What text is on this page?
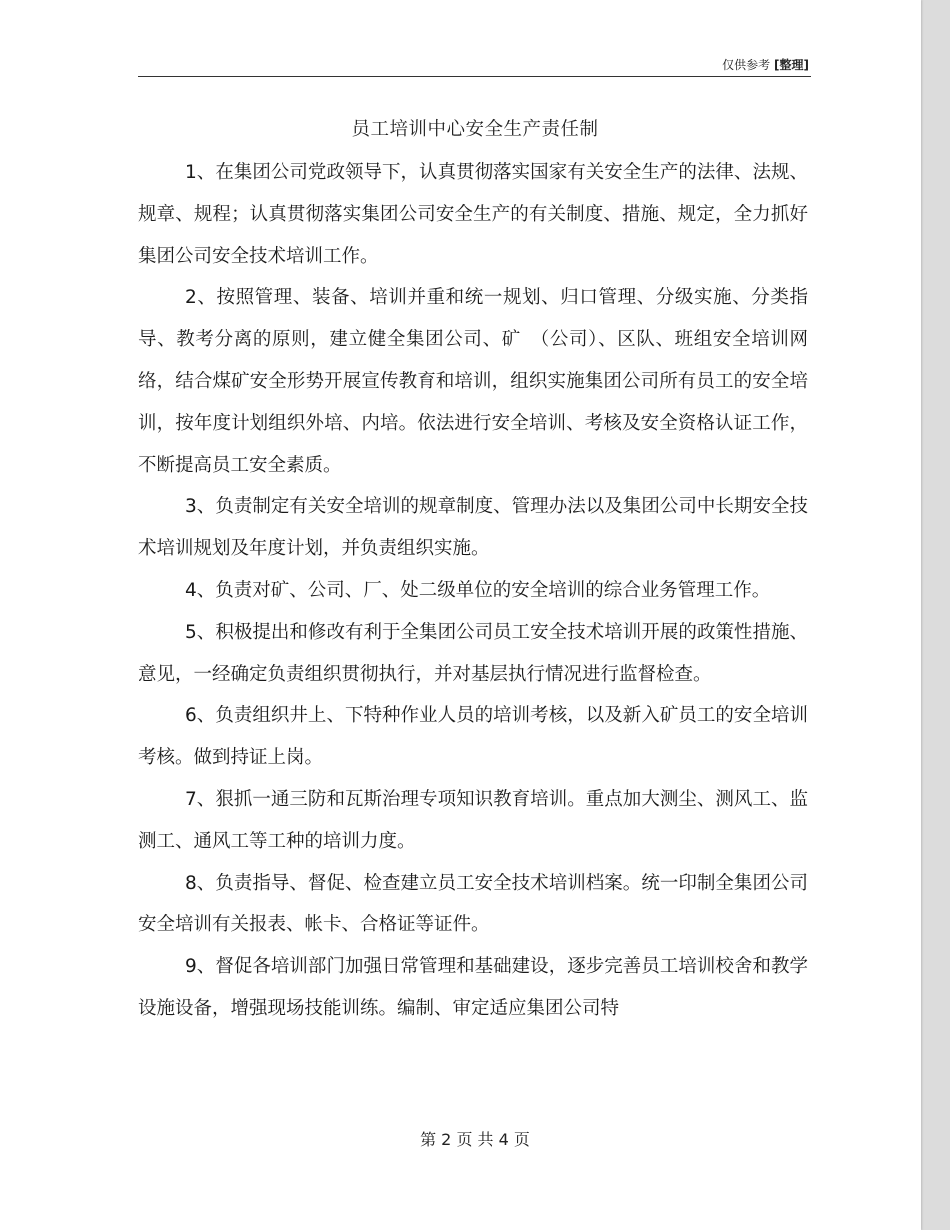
仅供参考 [整理]
员工培训中心安全生产责任制

1、在集团公司党政领导下，认真贯彻落实国家有关安全生产的法律、法规、规章、规程；认真贯彻落实集团公司安全生产的有关制度、措施、规定，全力抓好集团公司安全技术培训工作。

2、按照管理、装备、培训并重和统一规划、归口管理、分级实施、分类指导、教考分离的原则，建立健全集团公司、矿　（公司）、区队、班组安全培训网络，结合煤矿安全形势开展宣传教育和培训，组织实施集团公司所有员工的安全培训，按年度计划组织外培、内培。依法进行安全培训、考核及安全资格认证工作，不断提高员工安全素质。

3、负责制定有关安全培训的规章制度、管理办法以及集团公司中长期安全技术培训规划及年度计划，并负责组织实施。

4、负责对矿、公司、厂、处二级单位的安全培训的综合业务管理工作。

5、积极提出和修改有利于全集团公司员工安全技术培训开展的政策性措施、意见，一经确定负责组织贯彻执行，并对基层执行情况进行监督检查。

6、负责组织井上、下特种作业人员的培训考核，以及新入矿员工的安全培训考核。做到持证上岗。

7、狠抓一通三防和瓦斯治理专项知识教育培训。重点加大测尘、测风工、监测工、通风工等工种的培训力度。

8、负责指导、督促、检查建立员工安全技术培训档案。统一印制全集团公司安全培训有关报表、帐卡、合格证等证件。

9、督促各培训部门加强日常管理和基础建设，逐步完善员工培训校舍和教学设施设备，增强现场技能训练。编制、审定适应集团公司特

第 2 页 共 4 页
